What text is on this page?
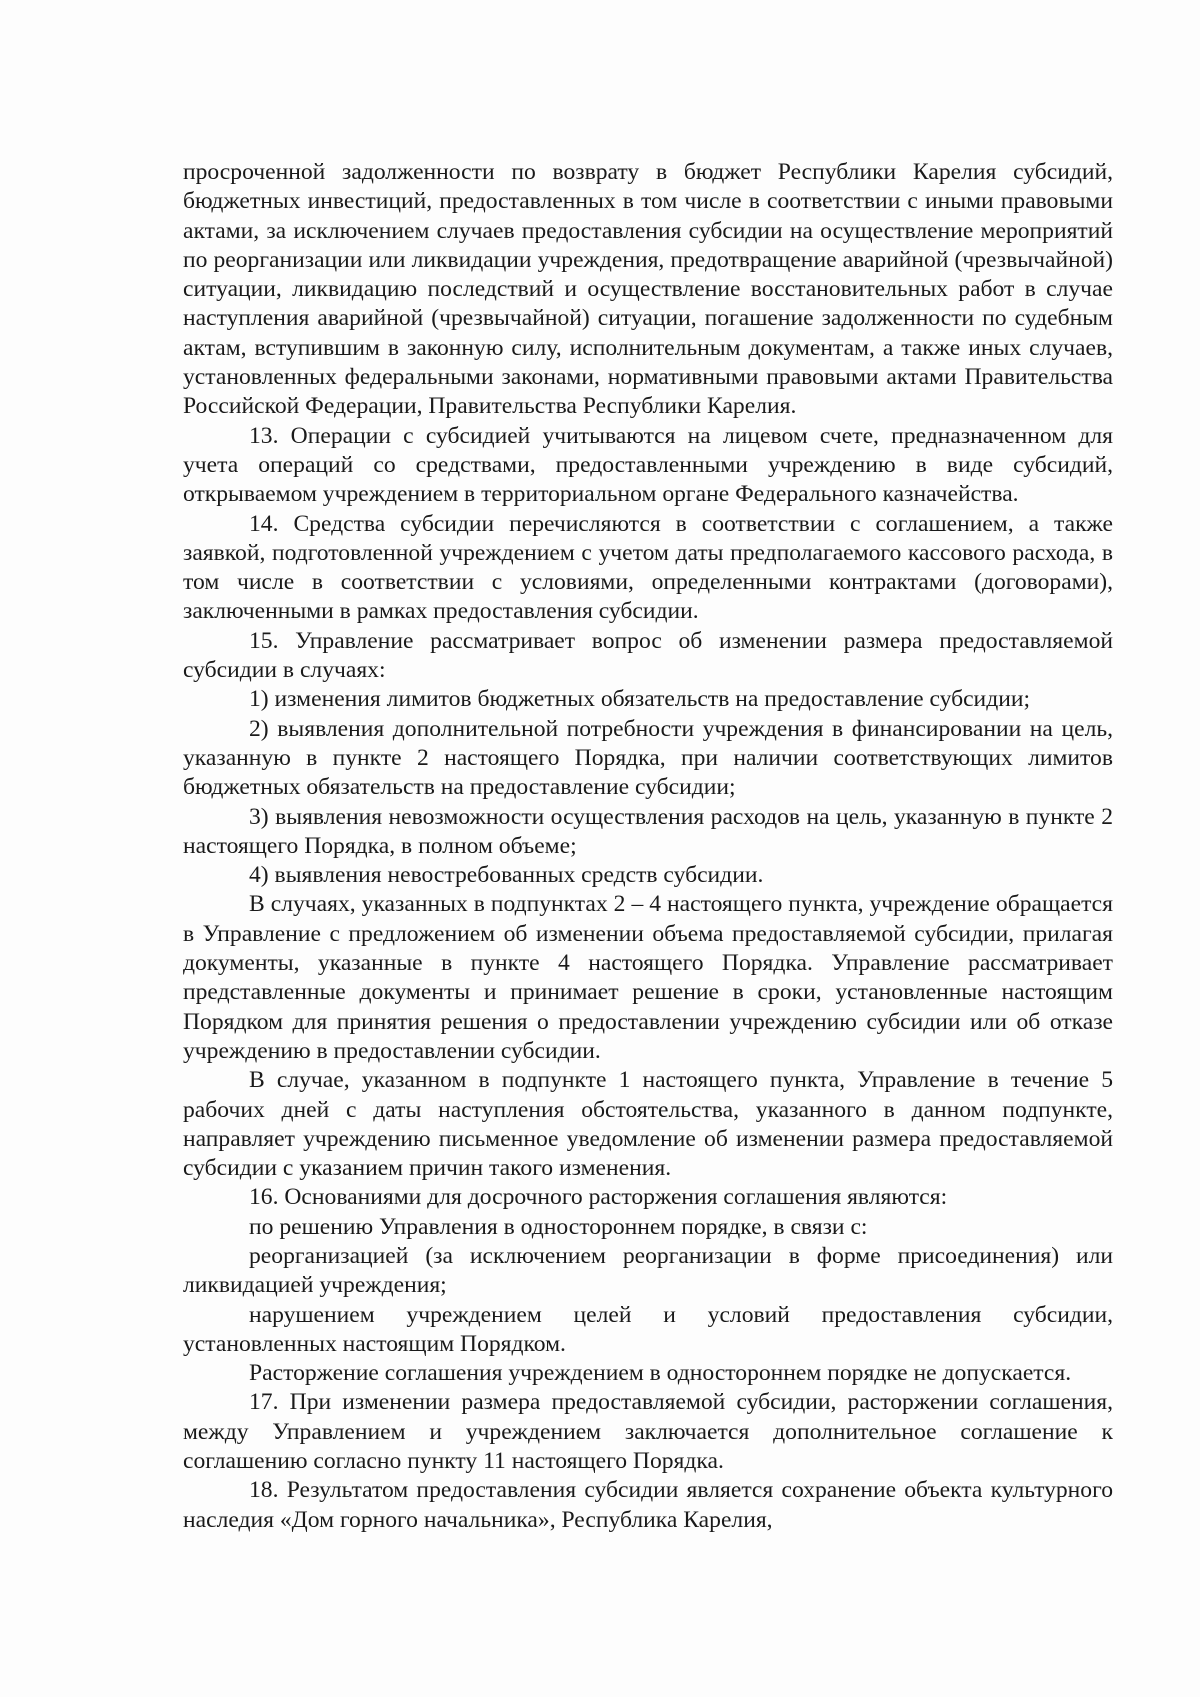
просроченной задолженности по возврату в бюджет Республики Карелия субсидий, бюджетных инвестиций, предоставленных в том числе в соответствии с иными правовыми актами, за исключением случаев предоставления субсидии на осуществление мероприятий по реорганизации или ликвидации учреждения, предотвращение аварийной (чрезвычайной) ситуации, ликвидацию последствий и осуществление восстановительных работ в случае наступления аварийной (чрезвычайной) ситуации, погашение задолженности по судебным актам, вступившим в законную силу, исполнительным документам, а также иных случаев, установленных федеральными законами, нормативными правовыми актами Правительства Российской Федерации, Правительства Республики Карелия.

13. Операции с субсидией учитываются на лицевом счете, предназначенном для учета операций со средствами, предоставленными учреждению в виде субсидий, открываемом учреждением в территориальном органе Федерального казначейства.

14. Средства субсидии перечисляются в соответствии с соглашением, а также заявкой, подготовленной учреждением с учетом даты предполагаемого кассового расхода, в том числе в соответствии с условиями, определенными контрактами (договорами), заключенными в рамках предоставления субсидии.

15. Управление рассматривает вопрос об изменении размера предоставляемой субсидии в случаях:

1) изменения лимитов бюджетных обязательств на предоставление субсидии;

2) выявления дополнительной потребности учреждения в финансировании на цель, указанную в пункте 2 настоящего Порядка, при наличии соответствующих лимитов бюджетных обязательств на предоставление субсидии;

3) выявления невозможности осуществления расходов на цель, указанную в пункте 2 настоящего Порядка, в полном объеме;

4) выявления невостребованных средств субсидии.

В случаях, указанных в подпунктах 2 – 4 настоящего пункта, учреждение обращается в Управление с предложением об изменении объема предоставляемой субсидии, прилагая документы, указанные в пункте 4 настоящего Порядка. Управление рассматривает представленные документы и принимает решение в сроки, установленные настоящим Порядком для принятия решения о предоставлении учреждению субсидии или об отказе учреждению в предоставлении субсидии.

В случае, указанном в подпункте 1 настоящего пункта, Управление в течение 5 рабочих дней с даты наступления обстоятельства, указанного в данном подпункте, направляет учреждению письменное уведомление об изменении размера предоставляемой субсидии с указанием причин такого изменения.

16. Основаниями для досрочного расторжения соглашения являются:

по решению Управления в одностороннем порядке, в связи с:

реорганизацией (за исключением реорганизации в форме присоединения) или ликвидацией учреждения;

нарушением учреждением целей и условий предоставления субсидии, установленных настоящим Порядком.

Расторжение соглашения учреждением в одностороннем порядке не допускается.

17. При изменении размера предоставляемой субсидии, расторжении соглашения, между Управлением и учреждением заключается дополнительное соглашение к соглашению согласно пункту 11 настоящего Порядка.

18. Результатом предоставления субсидии является сохранение объекта культурного наследия «Дом горного начальника», Республика Карелия,
